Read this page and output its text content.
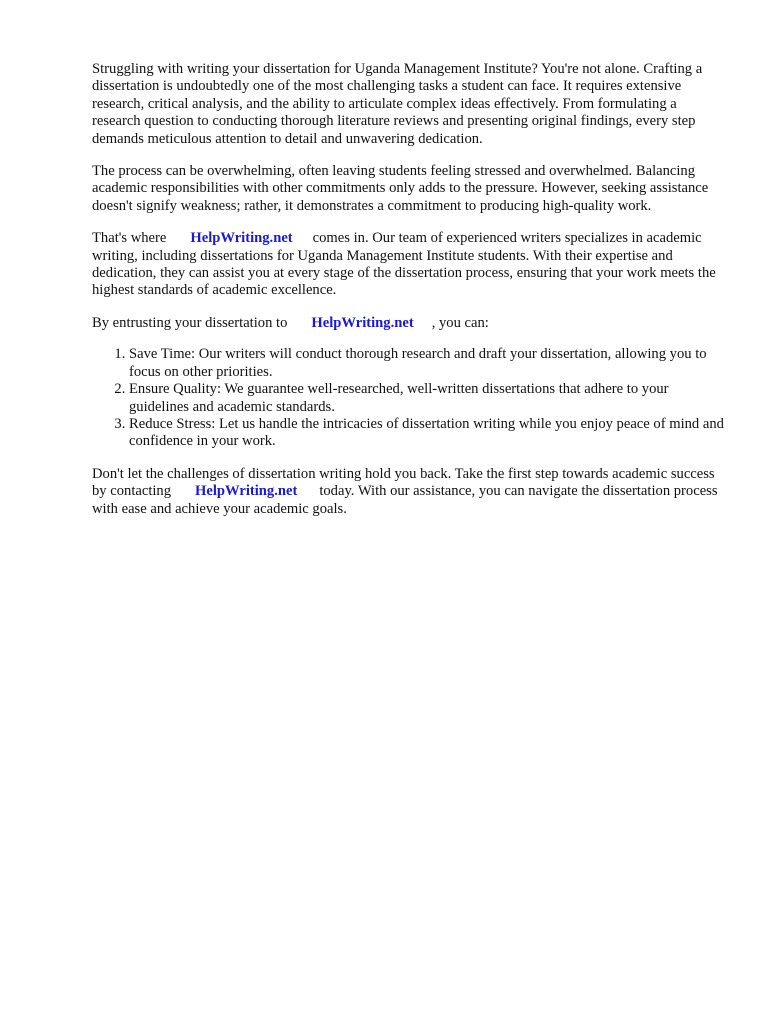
Struggling with writing your dissertation for Uganda Management Institute? You're not alone. Crafting a dissertation is undoubtedly one of the most challenging tasks a student can face. It requires extensive research, critical analysis, and the ability to articulate complex ideas effectively. From formulating a research question to conducting thorough literature reviews and presenting original findings, every step demands meticulous attention to detail and unwavering dedication.

The process can be overwhelming, often leaving students feeling stressed and overwhelmed. Balancing academic responsibilities with other commitments only adds to the pressure. However, seeking assistance doesn't signify weakness; rather, it demonstrates a commitment to producing high-quality work.

That's where HelpWriting.net comes in. Our team of experienced writers specializes in academic writing, including dissertations for Uganda Management Institute students. With their expertise and dedication, they can assist you at every stage of the dissertation process, ensuring that your work meets the highest standards of academic excellence.

By entrusting your dissertation to HelpWriting.net , you can:

1. Save Time: Our writers will conduct thorough research and draft your dissertation, allowing you to focus on other priorities.
2. Ensure Quality: We guarantee well-researched, well-written dissertations that adhere to your guidelines and academic standards.
3. Reduce Stress: Let us handle the intricacies of dissertation writing while you enjoy peace of mind and confidence in your work.

Don't let the challenges of dissertation writing hold you back. Take the first step towards academic success by contacting HelpWriting.net today. With our assistance, you can navigate the dissertation process with ease and achieve your academic goals.
